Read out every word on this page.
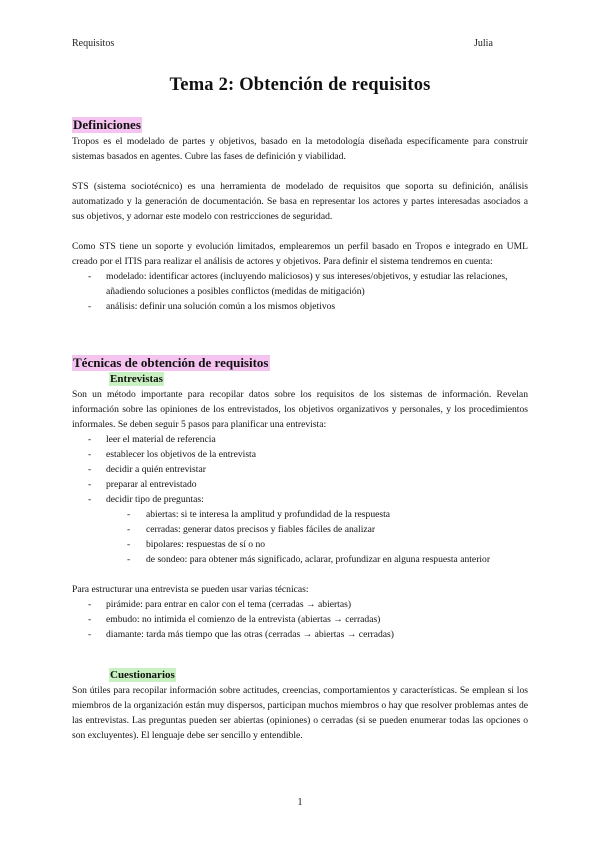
Requisitos	Julia
Tema 2: Obtención de requisitos
Definiciones

Tropos es el modelado de partes y objetivos, basado en la metodología diseñada específicamente para construir sistemas basados en agentes. Cubre las fases de definición y viabilidad.

STS (sistema sociotécnico) es una herramienta de modelado de requisitos que soporta su definición, análisis automatizado y la generación de documentación. Se basa en representar los actores y partes interesadas asociados a sus objetivos, y adornar este modelo con restricciones de seguridad.

Como STS tiene un soporte y evolución limitados, emplearemos un perfil basado en Tropos e integrado en UML creado por el ITIS para realizar el análisis de actores y objetivos. Para definir el sistema tendremos en cuenta:

- modelado: identificar actores (incluyendo maliciosos) y sus intereses/objetivos, y estudiar las relaciones, añadiendo soluciones a posibles conflictos (medidas de mitigación)
- análisis: definir una solución común a los mismos objetivos
Técnicas de obtención de requisitos
Entrevistas

Son un método importante para recopilar datos sobre los requisitos de los sistemas de información. Revelan información sobre las opiniones de los entrevistados, los objetivos organizativos y personales, y los procedimientos informales. Se deben seguir 5 pasos para planificar una entrevista:

- leer el material de referencia
- establecer los objetivos de la entrevista
- decidir a quién entrevistar
- preparar al entrevistado
- decidir tipo de preguntas:
- abiertas: si te interesa la amplitud y profundidad de la respuesta
- cerradas: generar datos precisos y fiables fáciles de analizar
- bipolares: respuestas de sí o no
- de sondeo: para obtener más significado, aclarar, profundizar en alguna respuesta anterior

Para estructurar una entrevista se pueden usar varias técnicas:

- pirámide: para entrar en calor con el tema (cerradas → abiertas)
- embudo: no intimida el comienzo de la entrevista (abiertas → cerradas)
- diamante: tarda más tiempo que las otras (cerradas → abiertas → cerradas)
Cuestionarios

Son útiles para recopilar información sobre actitudes, creencias, comportamientos y características. Se emplean si los miembros de la organización están muy dispersos, participan muchos miembros o hay que resolver problemas antes de las entrevistas. Las preguntas pueden ser abiertas (opiniones) o cerradas (si se pueden enumerar todas las opciones o son excluyentes). El lenguaje debe ser sencillo y entendible.

1
